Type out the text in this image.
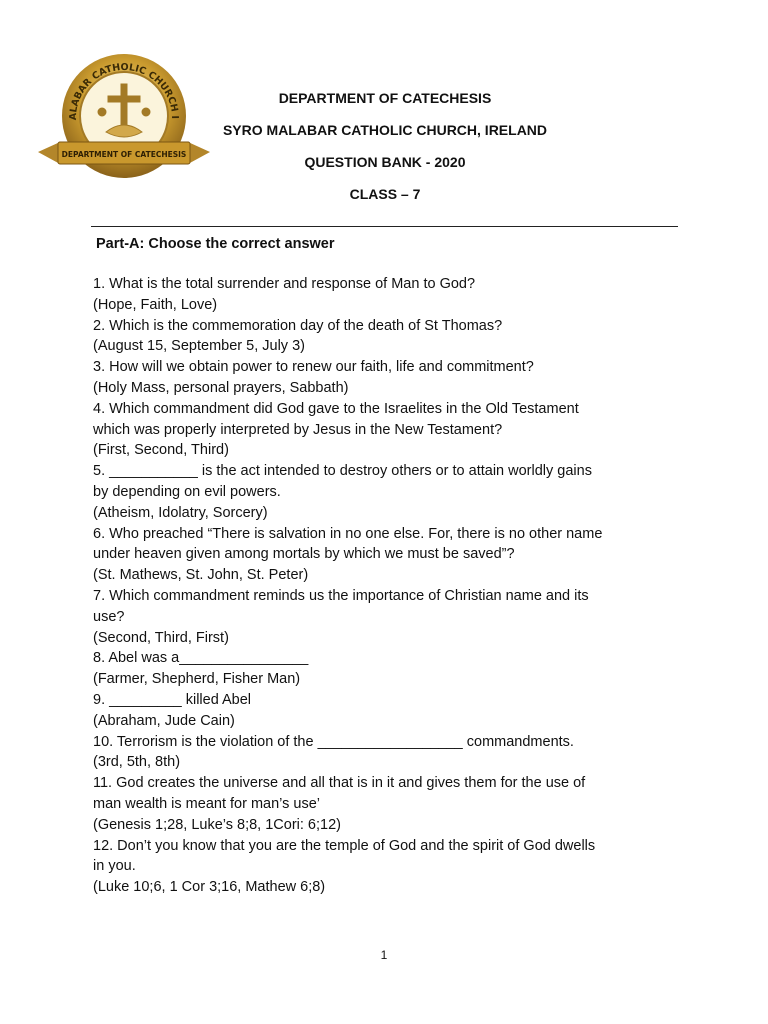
ALABAR CATHOLIC CHURCH I
DEPARTMENT OF CATECHESIS
DEPARTMENT OF CATECHESIS
SYRO MALABAR CATHOLIC CHURCH, IRELAND
QUESTION BANK - 2020
CLASS – 7
Part-A: Choose the correct answer

1. What is the total surrender and response of Man to God?

(Hope, Faith, Love)

2. Which is the commemoration day of the death of St Thomas?

(August 15, September 5, July 3)

3. How will we obtain power to renew our faith, life and commitment?

(Holy Mass, personal prayers, Sabbath)

4. Which commandment did God gave to the Israelites in the Old Testament

which was properly interpreted by Jesus in the New Testament?

(First, Second, Third)

5. ___________ is the act intended to destroy others or to attain worldly gains

by depending on evil powers.

(Atheism, Idolatry, Sorcery)

6. Who preached “There is salvation in no one else. For, there is no other name

under heaven given among mortals by which we must be saved”?

(St. Mathews, St. John, St. Peter)

7. Which commandment reminds us the importance of Christian name and its

use?

(Second, Third, First)

8. Abel was a________________

(Farmer, Shepherd, Fisher Man)

9. _________ killed Abel

(Abraham, Jude Cain)

10. Terrorism is the violation of the __________________ commandments.

(3rd, 5th, 8th)

11. God creates the universe and all that is in it and gives them for the use of

man wealth is meant for man’s use’

(Genesis 1;28, Luke’s 8;8, 1Cori: 6;12)

12. Don’t you know that you are the temple of God and the spirit of God dwells

in you.

(Luke 10;6, 1 Cor 3;16, Mathew 6;8)

1
